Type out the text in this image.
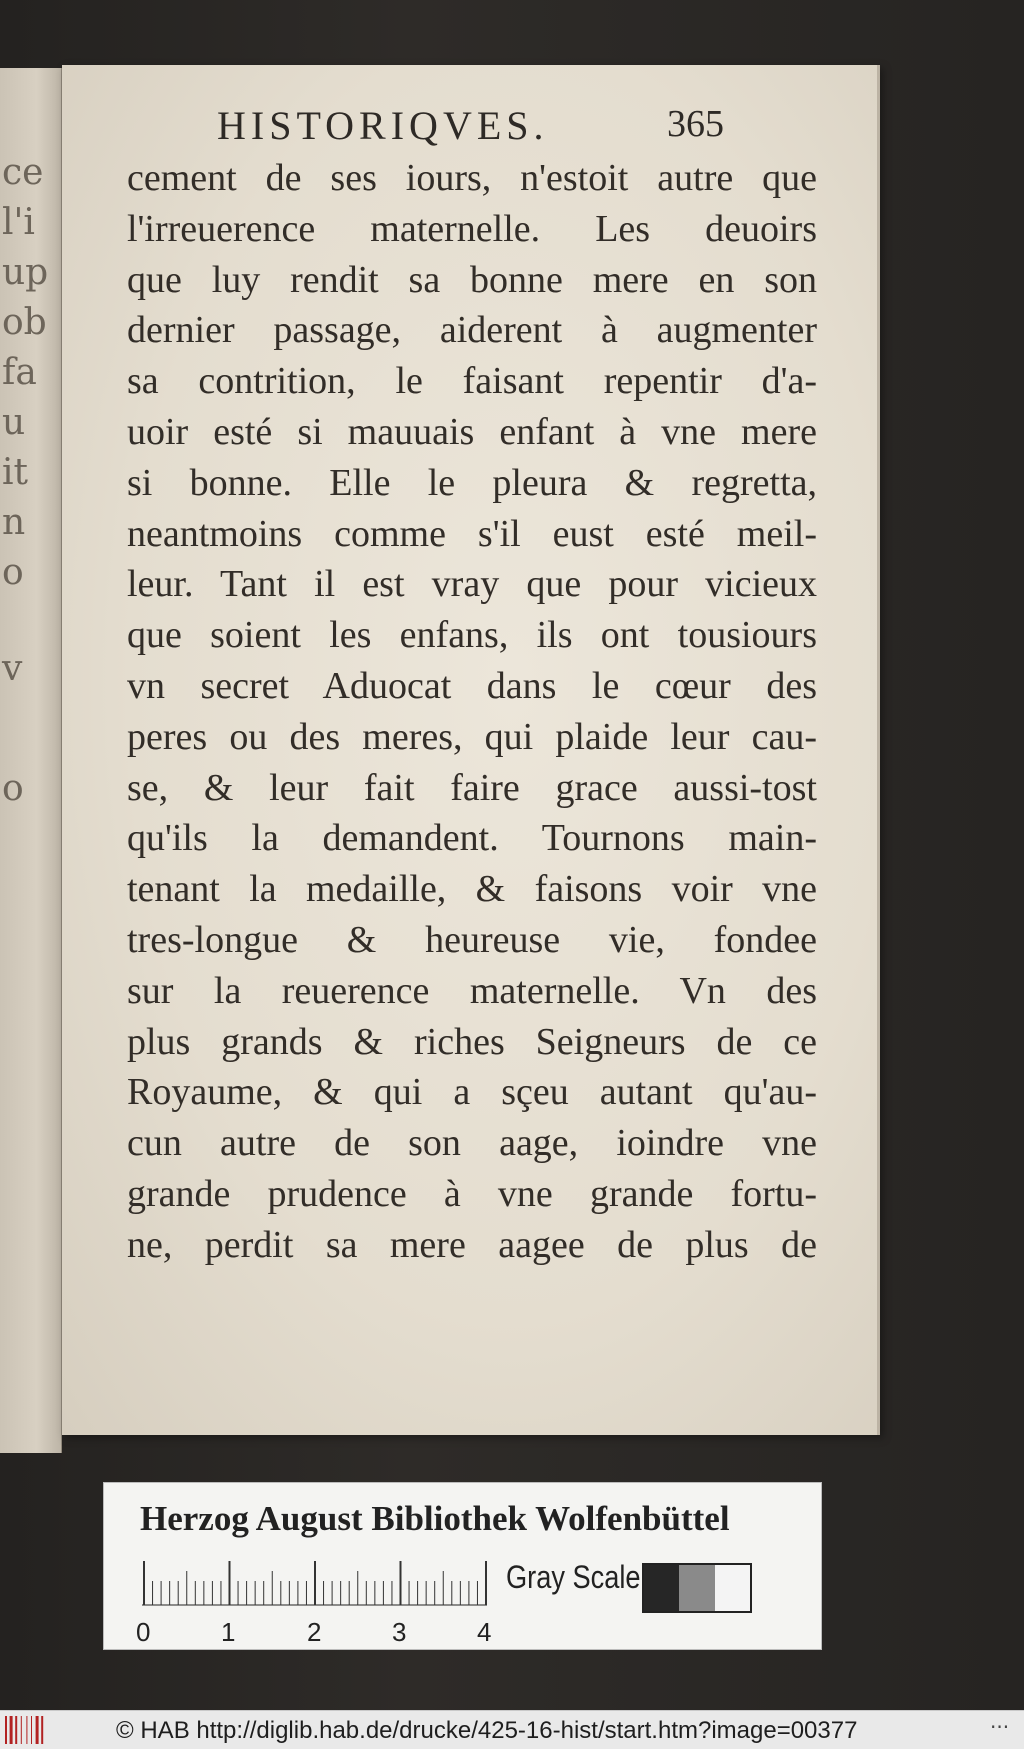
ce
l'i
up
ob
fa
u
it
n
o
v
o
HISTORIQVES.	365
cement de ses iours, n'estoit autre que
l'irreuerence maternelle. Les deuoirs
que luy rendit sa bonne mere en son
dernier passage, aiderent à augmenter
sa contrition, le faisant repentir d'a-
uoir esté si mauuais enfant à vne mere
si bonne. Elle le pleura & regretta,
neantmoins comme s'il eust esté meil-
leur. Tant il est vray que pour vicieux
que soient les enfans, ils ont tousiours
vn secret Aduocat dans le cœur des
peres ou des meres, qui plaide leur cau-
se, & leur fait faire grace aussi-tost
qu'ils la demandent. Tournons main-
tenant la medaille, & faisons voir vne
tres-longue & heureuse vie, fondee
sur la reuerence maternelle. Vn des
plus grands & riches Seigneurs de ce
Royaume, & qui a sçeu autant qu'au-
cun autre de son aage, ioindre vne
grande prudence à vne grande fortu-
ne, perdit sa mere aagee de plus de
Herzog August Bibliothek Wolfenbüttel
0	1	2	3	4
Gray Scale
© HAB http://diglib.hab.de/drucke/425-16-hist/start.htm?image=00377	···
